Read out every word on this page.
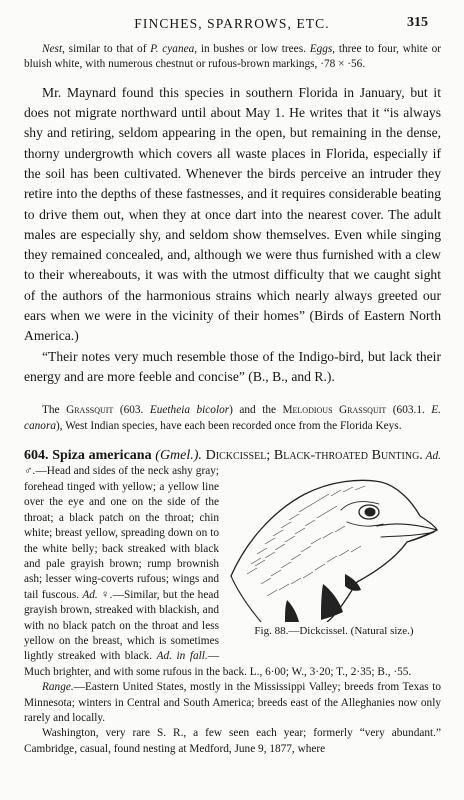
FINCHES, SPARROWS, ETC.	315

Nest, similar to that of P. cyanea, in bushes or low trees. Eggs, three to four, white or bluish white, with numerous chestnut or rufous-brown markings, ·78 × ·56.

Mr. Maynard found this species in southern Florida in January, but it does not migrate northward until about May 1. He writes that it “is always shy and retiring, seldom appearing in the open, but remaining in the dense, thorny undergrowth which covers all waste places in Florida, especially if the soil has been cultivated. Whenever the birds perceive an intruder they retire into the depths of these fastnesses, and it requires considerable beating to drive them out, when they at once dart into the nearest cover. The adult males are especially shy, and seldom show themselves. Even while singing they remained concealed, and, although we were thus furnished with a clew to their whereabouts, it was with the utmost difficulty that we caught sight of the authors of the harmonious strains which nearly always greeted our ears when we were in the vicinity of their homes” (Birds of Eastern North America.)

“Their notes very much resemble those of the Indigo-bird, but lack their energy and are more feeble and concise” (B., B., and R.).

The Grassquit (603. Euetheia bicolor) and the Melodious Grassquit (603.1. E. canora), West Indian species, have each been recorded once from the Florida Keys.

604. Spiza americana (Gmel.). Dickcissel; Black-throated Bunting.
Fig. 88.—Dickcissel. (Natural size.)
Ad. ♂.—Head and sides of the neck ashy gray; forehead tinged with yellow; a yellow line over the eye and one on the side of the throat; a black patch on the throat; chin white; breast yellow, spreading down on to the white belly; back streaked with black and pale grayish brown; rump brownish ash; lesser wing-coverts rufous; wings and tail fuscous. Ad. ♀.—Similar, but the head grayish brown, streaked with blackish, and with no black patch on the throat and less yellow on the breast, which is sometimes lightly streaked with black. Ad. in fall.—Much brighter, and with some rufous in the back. L., 6·00; W., 3·20; T., 2·35; B., ·55.

Range.—Eastern United States, mostly in the Mississippi Valley; breeds from Texas to Minnesota; winters in Central and South America; breeds east of the Alleghanies now only rarely and locally.

Washington, very rare S. R., a few seen each year; formerly “very abundant.” Cambridge, casual, found nesting at Medford, June 9, 1877, where
